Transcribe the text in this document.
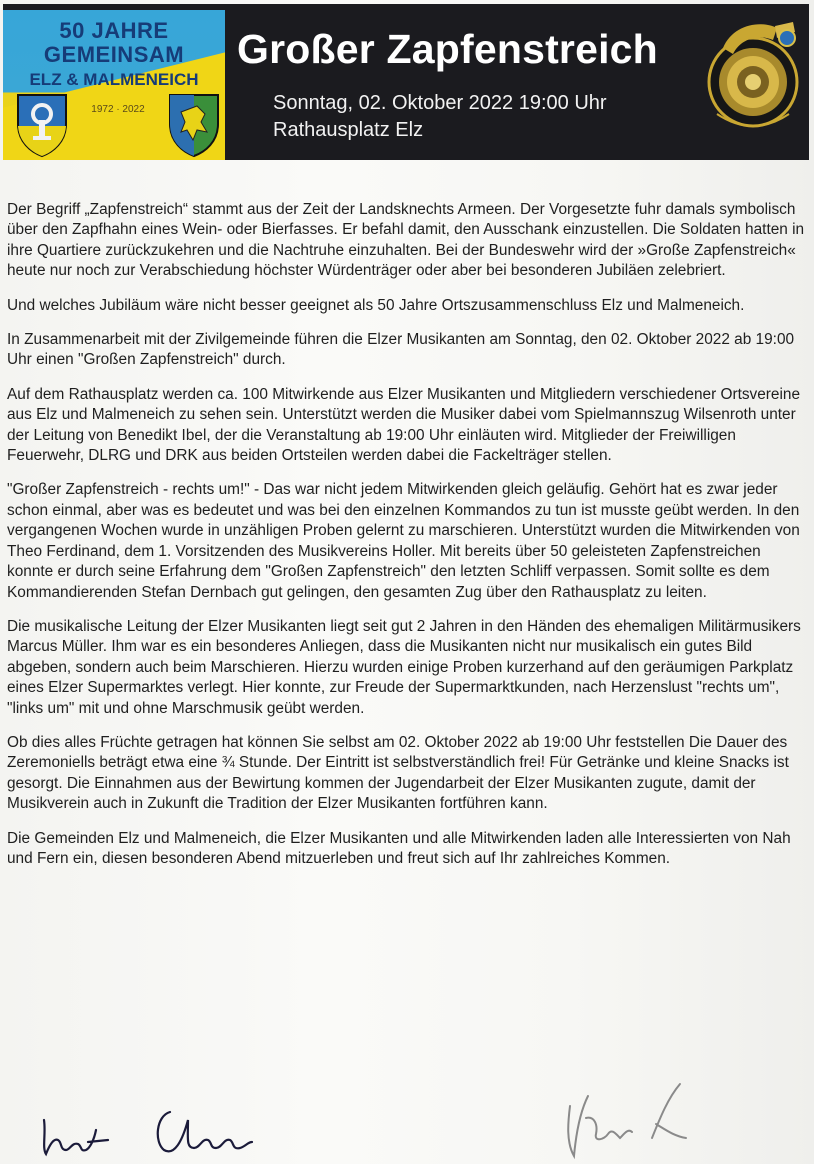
50 JAHRE
GEMEINSAM
ELZ & MALMENEICH
1972 · 2022
Großer Zapfenstreich
Sonntag, 02. Oktober 2022 19:00 Uhr
Rathausplatz Elz

Der Begriff „Zapfenstreich“ stammt aus der Zeit der Landsknechts Armeen. Der Vorgesetzte fuhr damals symbolisch über den Zapfhahn eines Wein- oder Bierfasses. Er befahl damit, den Ausschank einzustellen. Die Soldaten hatten in ihre Quartiere zurückzukehren und die Nachtruhe einzuhalten. Bei der Bundeswehr wird der »Große Zapfenstreich« heute nur noch zur Verabschiedung höchster Würdenträger oder aber bei besonderen Jubiläen zelebriert.

Und welches Jubiläum wäre nicht besser geeignet als 50 Jahre Ortszusammenschluss Elz und Malmeneich.

In Zusammenarbeit mit der Zivilgemeinde führen die Elzer Musikanten am Sonntag, den 02. Oktober 2022 ab 19:00 Uhr einen "Großen Zapfenstreich" durch.

Auf dem Rathausplatz werden ca. 100 Mitwirkende aus Elzer Musikanten und Mitgliedern verschiedener Ortsvereine aus Elz und Malmeneich zu sehen sein. Unterstützt werden die Musiker dabei vom Spielmannszug Wilsenroth unter der Leitung von Benedikt Ibel, der die Veranstaltung ab 19:00 Uhr einläuten wird. Mitglieder der Freiwilligen Feuerwehr, DLRG und DRK aus beiden Ortsteilen werden dabei die Fackelträger stellen.

"Großer Zapfenstreich - rechts um!" - Das war nicht jedem Mitwirkenden gleich geläufig. Gehört hat es zwar jeder schon einmal, aber was es bedeutet und was bei den einzelnen Kommandos zu tun ist musste geübt werden. In den vergangenen Wochen wurde in unzähligen Proben gelernt zu marschieren. Unterstützt wurden die Mitwirkenden von Theo Ferdinand, dem 1. Vorsitzenden des Musikvereins Holler. Mit bereits über 50 geleisteten Zapfenstreichen konnte er durch seine Erfahrung dem "Großen Zapfenstreich" den letzten Schliff verpassen. Somit sollte es dem Kommandierenden Stefan Dernbach gut gelingen, den gesamten Zug über den Rathausplatz zu leiten.

Die musikalische Leitung der Elzer Musikanten liegt seit gut 2 Jahren in den Händen des ehemaligen Militärmusikers Marcus Müller. Ihm war es ein besonderes Anliegen, dass die Musikanten nicht nur musikalisch ein gutes Bild abgeben, sondern auch beim Marschieren. Hierzu wurden einige Proben kurzerhand auf den geräumigen Parkplatz eines Elzer Supermarktes verlegt. Hier konnte, zur Freude der Supermarktkunden, nach Herzenslust "rechts um", "links um" mit und ohne Marschmusik geübt werden.

Ob dies alles Früchte getragen hat können Sie selbst am 02. Oktober 2022 ab 19:00 Uhr feststellen Die Dauer des Zeremoniells beträgt etwa eine ¾ Stunde. Der Eintritt ist selbstverständlich frei! Für Getränke und kleine Snacks ist gesorgt. Die Einnahmen aus der Bewirtung kommen der Jugendarbeit der Elzer Musikanten zugute, damit der Musikverein auch in Zukunft die Tradition der Elzer Musikanten fortführen kann.

Die Gemeinden Elz und Malmeneich, die Elzer Musikanten und alle Mitwirkenden laden alle Interessierten von Nah und Fern ein, diesen besonderen Abend mitzuerleben und freut sich auf Ihr zahlreiches Kommen.
